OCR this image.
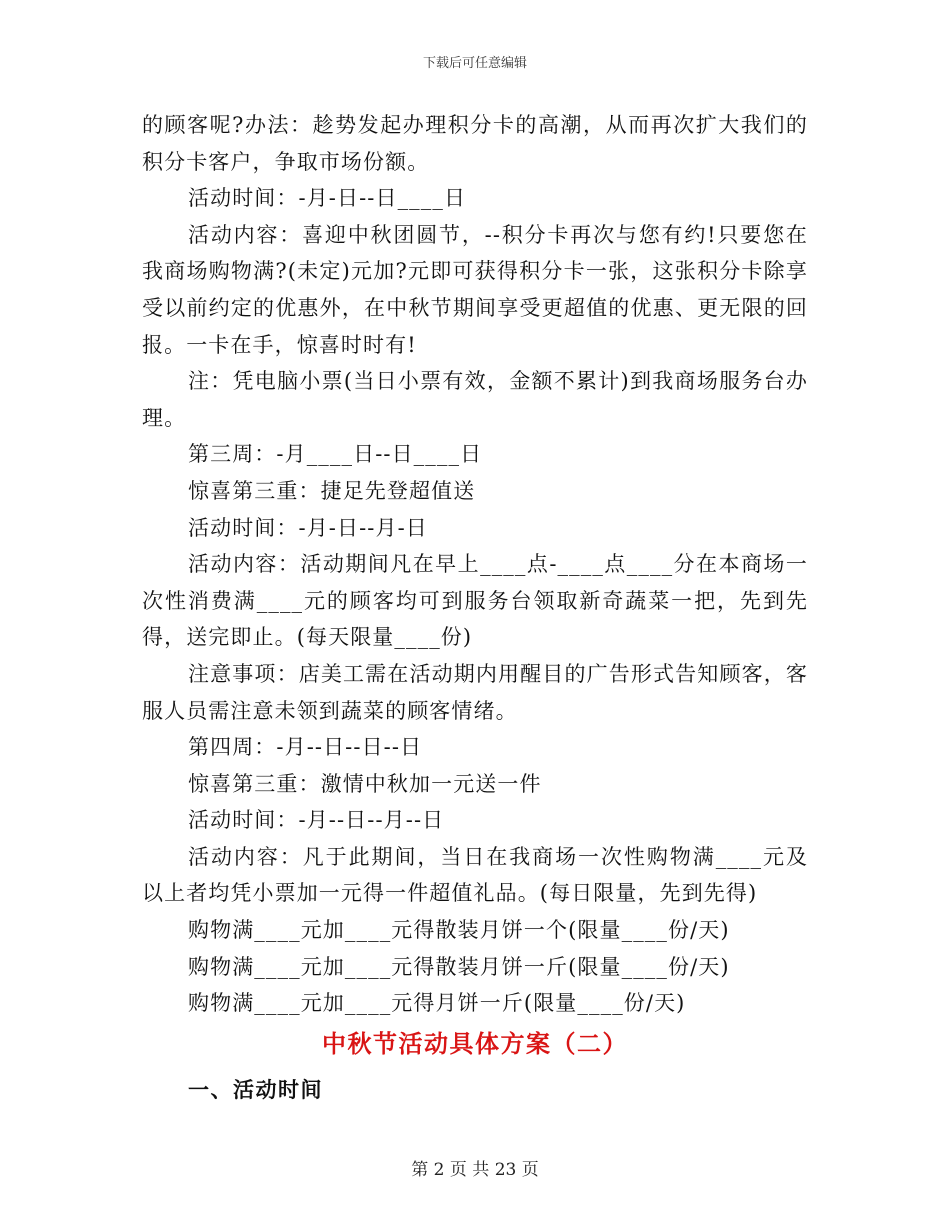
下载后可任意编辑

的顾客呢?办法：趁势发起办理积分卡的高潮，从而再次扩大我们的积分卡客户，争取市场份额。

活动时间：-月-日--日____日

活动内容：喜迎中秋团圆节，--积分卡再次与您有约!只要您在我商场购物满?(未定)元加?元即可获得积分卡一张，这张积分卡除享受以前约定的优惠外，在中秋节期间享受更超值的优惠、更无限的回报。一卡在手，惊喜时时有!

注：凭电脑小票(当日小票有效，金额不累计)到我商场服务台办理。

第三周：-月____日--日____日

惊喜第三重：捷足先登超值送

活动时间：-月-日--月-日

活动内容：活动期间凡在早上____点-____点____分在本商场一次性消费满____元的顾客均可到服务台领取新奇蔬菜一把，先到先得，送完即止。(每天限量____份)

注意事项：店美工需在活动期内用醒目的广告形式告知顾客，客服人员需注意未领到蔬菜的顾客情绪。

第四周：-月--日--日--日

惊喜第三重：激情中秋加一元送一件

活动时间：-月--日--月--日

活动内容：凡于此期间，当日在我商场一次性购物满____元及以上者均凭小票加一元得一件超值礼品。(每日限量，先到先得)

购物满____元加____元得散装月饼一个(限量____份/天)

购物满____元加____元得散装月饼一斤(限量____份/天)

购物满____元加____元得月饼一斤(限量____份/天)

中秋节活动具体方案（二）
一、活动时间
第 2 页 共 23 页
